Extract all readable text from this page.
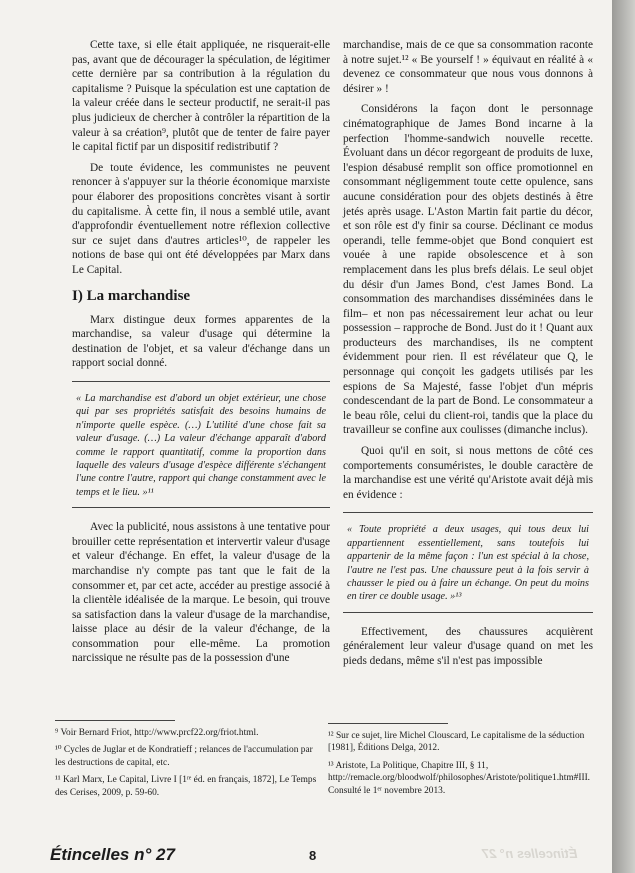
Cette taxe, si elle était appliquée, ne risquerait-elle pas, avant que de décourager la spéculation, de légitimer cette dernière par sa contribution à la régulation du capitalisme ? Puisque la spéculation est une captation de la valeur créée dans le secteur productif, ne serait-il pas plus judicieux de chercher à contrôler la répartition de la valeur à sa création⁹, plutôt que de tenter de faire payer le capital fictif par un dispositif redistributif ?

De toute évidence, les communistes ne peuvent renoncer à s'appuyer sur la théorie économique marxiste pour élaborer des propositions concrètes visant à sortir du capitalisme. À cette fin, il nous a semblé utile, avant d'approfondir éventuellement notre réflexion collective sur ce sujet dans d'autres articles¹⁰, de rappeler les notions de base qui ont été développées par Marx dans Le Capital.

I) La marchandise

Marx distingue deux formes apparentes de la marchandise, sa valeur d'usage qui détermine la destination de l'objet, et sa valeur d'échange dans un rapport social donné.

« La marchandise est d'abord un objet extérieur, une chose qui par ses propriétés satisfait des besoins humains de n'importe quelle espèce. (…) L'utilité d'une chose fait sa valeur d'usage. (…) La valeur d'échange apparaît d'abord comme le rapport quantitatif, comme la proportion dans laquelle des valeurs d'usage d'espèce différente s'échangent l'une contre l'autre, rapport qui change constamment avec le temps et le lieu. »¹¹

Avec la publicité, nous assistons à une tentative pour brouiller cette représentation et intervertir valeur d'usage et valeur d'échange. En effet, la valeur d'usage de la marchandise n'y compte pas tant que le fait de la consommer et, par cet acte, accéder au prestige associé à la clientèle idéalisée de la marque. Le besoin, qui trouve sa satisfaction dans la valeur d'usage de la marchandise, laisse place au désir de la valeur d'échange, de la consommation pour elle-même. La promotion narcissique ne résulte pas de la possession d'une

marchandise, mais de ce que sa consommation raconte à notre sujet.¹² « Be yourself ! » équivaut en réalité à « devenez ce consommateur que nous vous donnons à désirer » !

Considérons la façon dont le personnage cinématographique de James Bond incarne à la perfection l'homme-sandwich nouvelle recette. Évoluant dans un décor regorgeant de produits de luxe, l'espion désabusé remplit son office promotionnel en consommant négligemment toute cette opulence, sans aucune considération pour des objets destinés à être jetés après usage. L'Aston Martin fait partie du décor, et son rôle est d'y finir sa course. Déclinant ce modus operandi, telle femme-objet que Bond conquiert est vouée à une rapide obsolescence et à son remplacement dans les plus brefs délais. Le seul objet du désir d'un James Bond, c'est James Bond. La consommation des marchandises disséminées dans le film– et non pas nécessairement leur achat ou leur possession – rapproche de Bond. Just do it ! Quant aux producteurs des marchandises, ils ne comptent évidemment pour rien. Il est révélateur que Q, le personnage qui conçoit les gadgets utilisés par les espions de Sa Majesté, fasse l'objet d'un mépris condescendant de la part de Bond. Le consommateur a le beau rôle, celui du client-roi, tandis que la place du travailleur se confine aux coulisses (dimanche inclus).

Quoi qu'il en soit, si nous mettons de côté ces comportements consuméristes, le double caractère de la marchandise est une vérité qu'Aristote avait déjà mis en évidence :

« Toute propriété a deux usages, qui tous deux lui appartiennent essentiellement, sans toutefois lui appartenir de la même façon : l'un est spécial à la chose, l'autre ne l'est pas. Une chaussure peut à la fois servir à chausser le pied ou à faire un échange. On peut du moins en tirer ce double usage. »¹³

Effectivement, des chaussures acquièrent généralement leur valeur d'usage quand on met les pieds dedans, même s'il n'est pas impossible

⁹ Voir Bernard Friot, http://www.prcf22.org/friot.html.

¹⁰ Cycles de Juglar et de Kondratieff ; relances de l'accumulation par les destructions de capital, etc.

¹¹ Karl Marx, Le Capital, Livre I [1ʳᵉ éd. en français, 1872], Le Temps des Cerises, 2009, p. 59-60.

¹² Sur ce sujet, lire Michel Clouscard, Le capitalisme de la séduction [1981], Éditions Delga, 2012.

¹³ Aristote, La Politique, Chapitre III, § 11, http://remacle.org/bloodwolf/philosophes/Aristote/politique1.htm#III. Consulté le 1ᵉʳ novembre 2013.

Étincelles n° 27	8	Étincelles n° 27
